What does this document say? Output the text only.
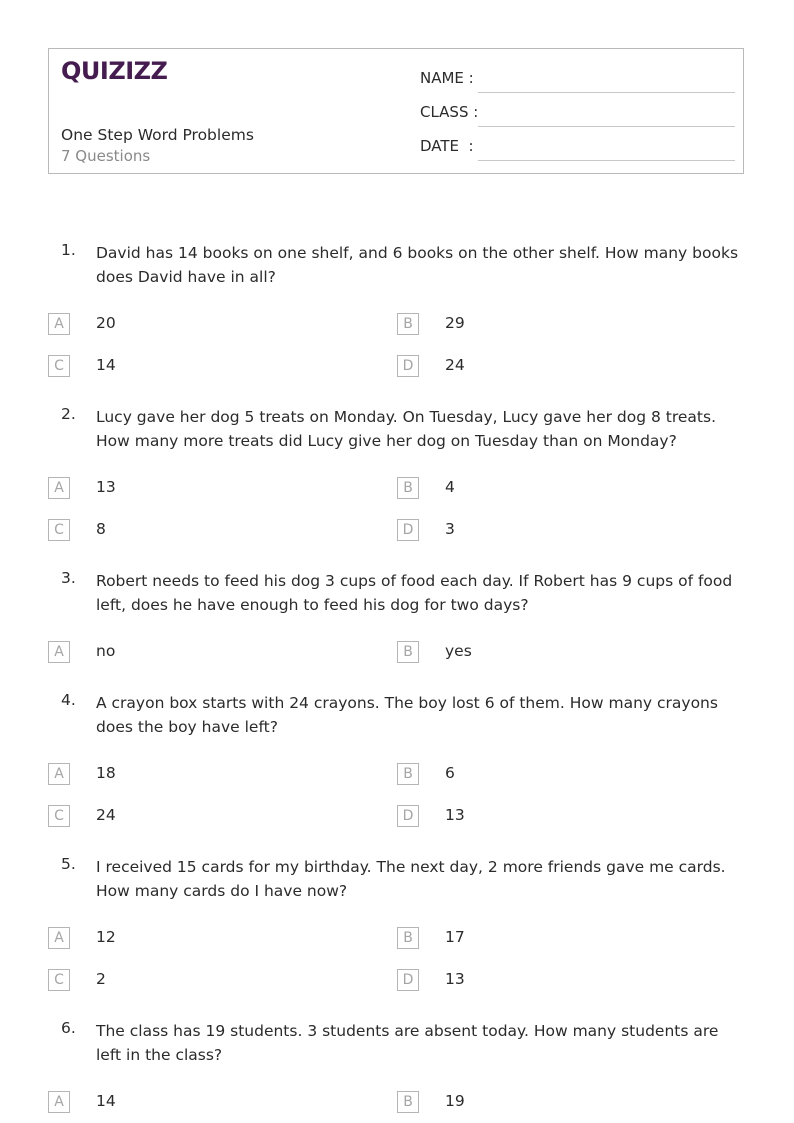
QUIZIZZ
One Step Word Problems
7 Questions
NAME :
CLASS :
DATE  :
1. David has 14 books on one shelf, and 6 books on the other shelf. How many books does David have in all?
A	20	B	29
C	14	D	24
2. Lucy gave her dog 5 treats on Monday. On Tuesday, Lucy gave her dog 8 treats. How many more treats did Lucy give her dog on Tuesday than on Monday?
A	13	B	4
C	8	D	3
3. Robert needs to feed his dog 3 cups of food each day. If Robert has 9 cups of food left, does he have enough to feed his dog for two days?
A	no	B	yes
4. A crayon box starts with 24 crayons. The boy lost 6 of them. How many crayons does the boy have left?
A	18	B	6
C	24	D	13
5. I received 15 cards for my birthday. The next day, 2 more friends gave me cards. How many cards do I have now?
A	12	B	17
C	2	D	13
6. The class has 19 students. 3 students are absent today. How many students are left in the class?
A	14	B	19
